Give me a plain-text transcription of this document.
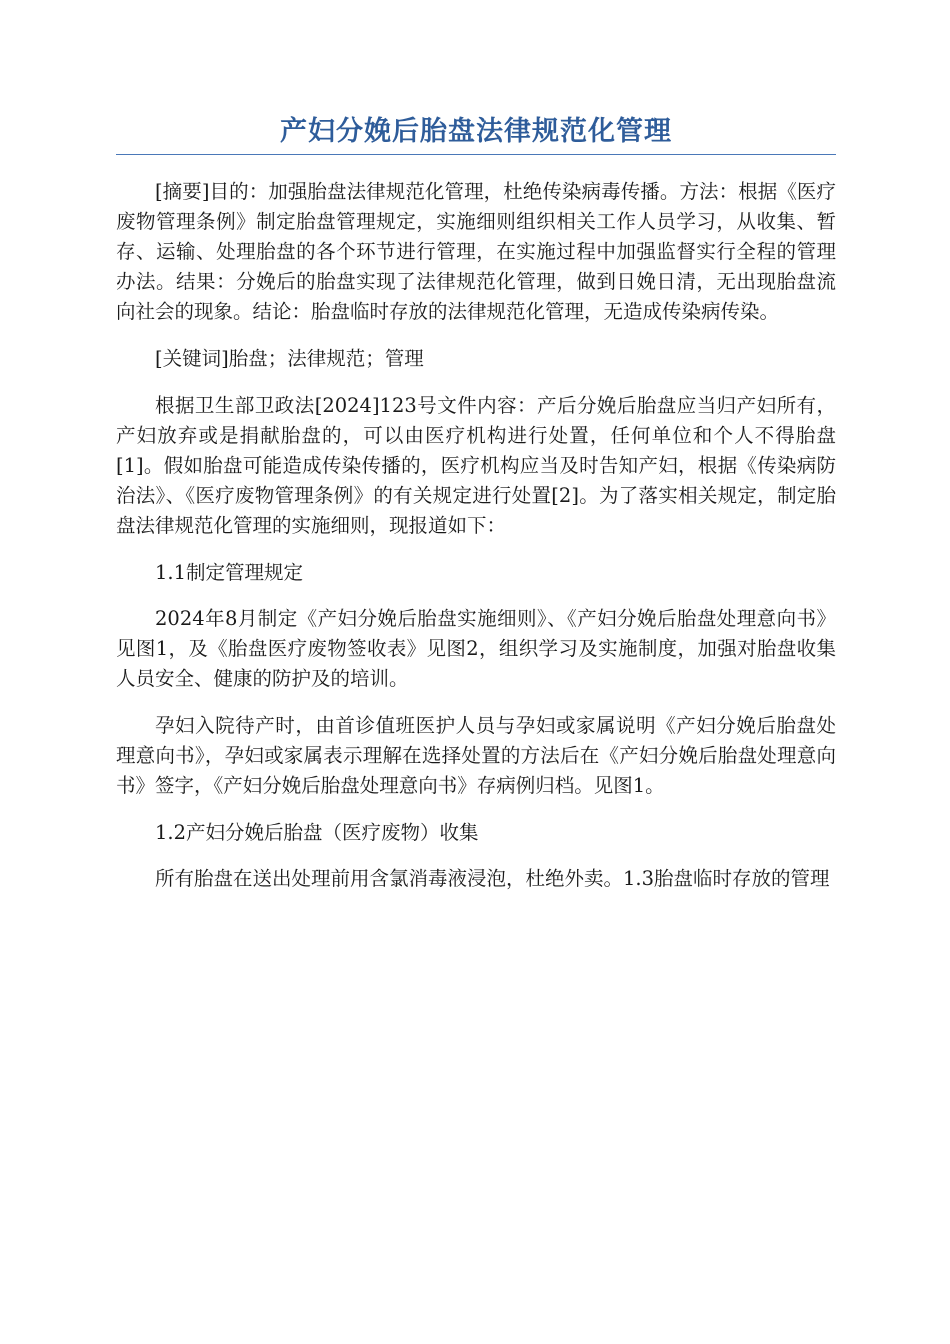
产妇分娩后胎盘法律规范化管理

[摘要]目的：加强胎盘法律规范化管理，杜绝传染病毒传播。方法：根据《医疗废物管理条例》制定胎盘管理规定，实施细则组织相关工作人员学习，从收集、暂存、运输、处理胎盘的各个环节进行管理，在实施过程中加强监督实行全程的管理办法。结果：分娩后的胎盘实现了法律规范化管理，做到日娩日清，无出现胎盘流向社会的现象。结论：胎盘临时存放的法律规范化管理，无造成传染病传染。

[关键词]胎盘；法律规范；管理

根据卫生部卫政法[2024]123号文件内容：产后分娩后胎盘应当归产妇所有，产妇放弃或是捐献胎盘的，可以由医疗机构进行处置，任何单位和个人不得胎盘[1]。假如胎盘可能造成传染传播的，医疗机构应当及时告知产妇，根据《传染病防治法》、《医疗废物管理条例》的有关规定进行处置[2]。为了落实相关规定，制定胎盘法律规范化管理的实施细则，现报道如下：

1.1制定管理规定

2024年8月制定《产妇分娩后胎盘实施细则》、《产妇分娩后胎盘处理意向书》见图1，及《胎盘医疗废物签收表》见图2，组织学习及实施制度，加强对胎盘收集人员安全、健康的防护及的培训。

孕妇入院待产时，由首诊值班医护人员与孕妇或家属说明《产妇分娩后胎盘处理意向书》，孕妇或家属表示理解在选择处置的方法后在《产妇分娩后胎盘处理意向书》签字，《产妇分娩后胎盘处理意向书》存病例归档。见图1。

1.2产妇分娩后胎盘（医疗废物）收集

所有胎盘在送出处理前用含氯消毒液浸泡，杜绝外卖。1.3胎盘临时存放的管理
